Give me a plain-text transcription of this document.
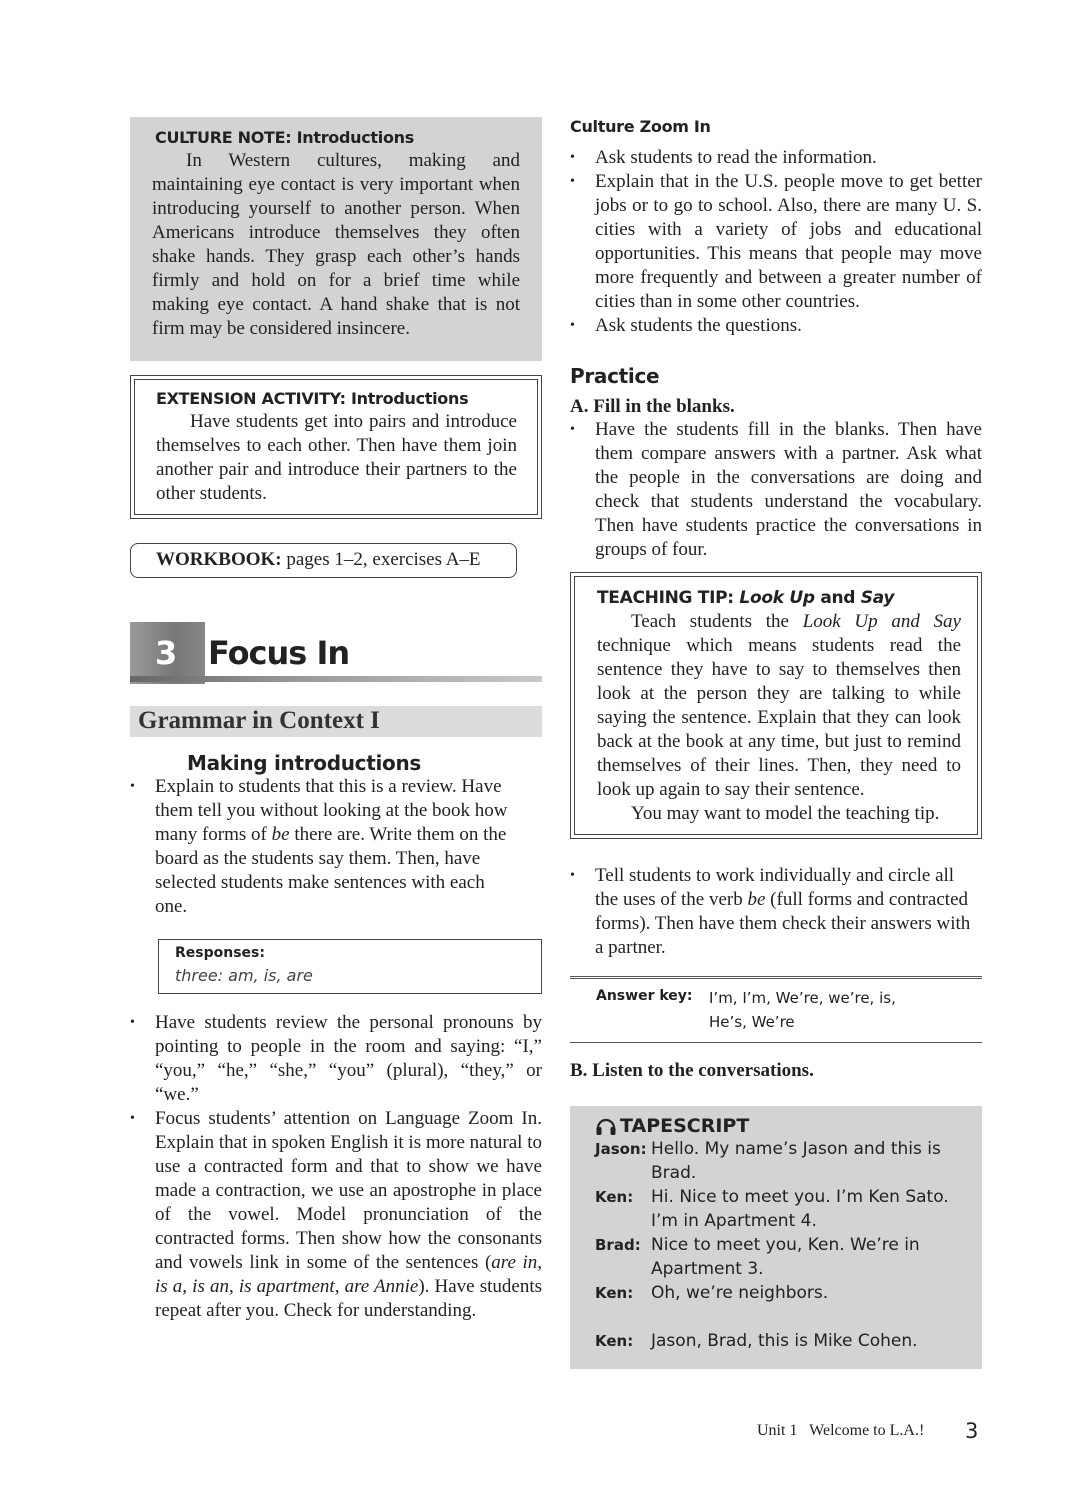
CULTURE NOTE: Introductions

In Western cultures, making and maintaining eye contact is very important when introducing yourself to another person. When Americans introduce themselves they often shake hands. They grasp each other’s hands firmly and hold on for a brief time while making eye contact. A hand shake that is not firm may be considered insincere.

EXTENSION ACTIVITY: Introductions

Have students get into pairs and introduce themselves to each other. Then have them join another pair and introduce their partners to the other students.

WORKBOOK: pages 1–2, exercises A–E
3 Focus In
Grammar in Context I
Making introductions
• Explain to students that this is a review. Have them tell you without looking at the book how many forms of be there are. Write them on the board as the students say them. Then, have selected students make sentences with each one.
Responses:
three: am, is, are
• Have students review the personal pronouns by pointing to people in the room and saying: “I,” “you,” “he,” “she,” “you” (plural), “they,” or “we.”
• Focus students’ attention on Language Zoom In. Explain that in spoken English it is more natural to use a contracted form and that to show we have made a contraction, we use an apostrophe in place of the vowel. Model pronunciation of the contracted forms. Then show how the consonants and vowels link in some of the sentences (are in, is a, is an, is apartment, are Annie). Have students repeat after you. Check for understanding.
Culture Zoom In
• Ask students to read the information.
• Explain that in the U.S. people move to get better jobs or to go to school. Also, there are many U. S. cities with a variety of jobs and educational opportunities. This means that people may move more frequently and between a greater number of cities than in some other countries.
• Ask students the questions.
Practice
A. Fill in the blanks.
• Have the students fill in the blanks. Then have them compare answers with a partner. Ask what the people in the conversations are doing and check that students understand the vocabulary. Then have students practice the conversations in groups of four.
TEACHING TIP: Look Up and Say

Teach students the Look Up and Say technique which means students read the sentence they have to say to themselves then look at the person they are talking to while saying the sentence. Explain that they can look back at the book at any time, but just to remind themselves of their lines. Then, they need to look up again to say their sentence.

You may want to model the teaching tip.

• Tell students to work individually and circle all the uses of the verb be (full forms and contracted forms). Then have them check their answers with a partner.
Answer key:	I’m, I’m, We’re, we’re, is, He’s, We’re
B. Listen to the conversations.
TAPESCRIPT
Jason: Hello. My name’s Jason and this is Brad.
Ken:	Hi. Nice to meet you. I’m Ken Sato. I’m in Apartment 4.
Brad: Nice to meet you, Ken. We’re in Apartment 3.
Ken:	Oh, we’re neighbors.
Ken:	Jason, Brad, this is Mike Cohen.
Unit 1   Welcome to L.A.! 3
